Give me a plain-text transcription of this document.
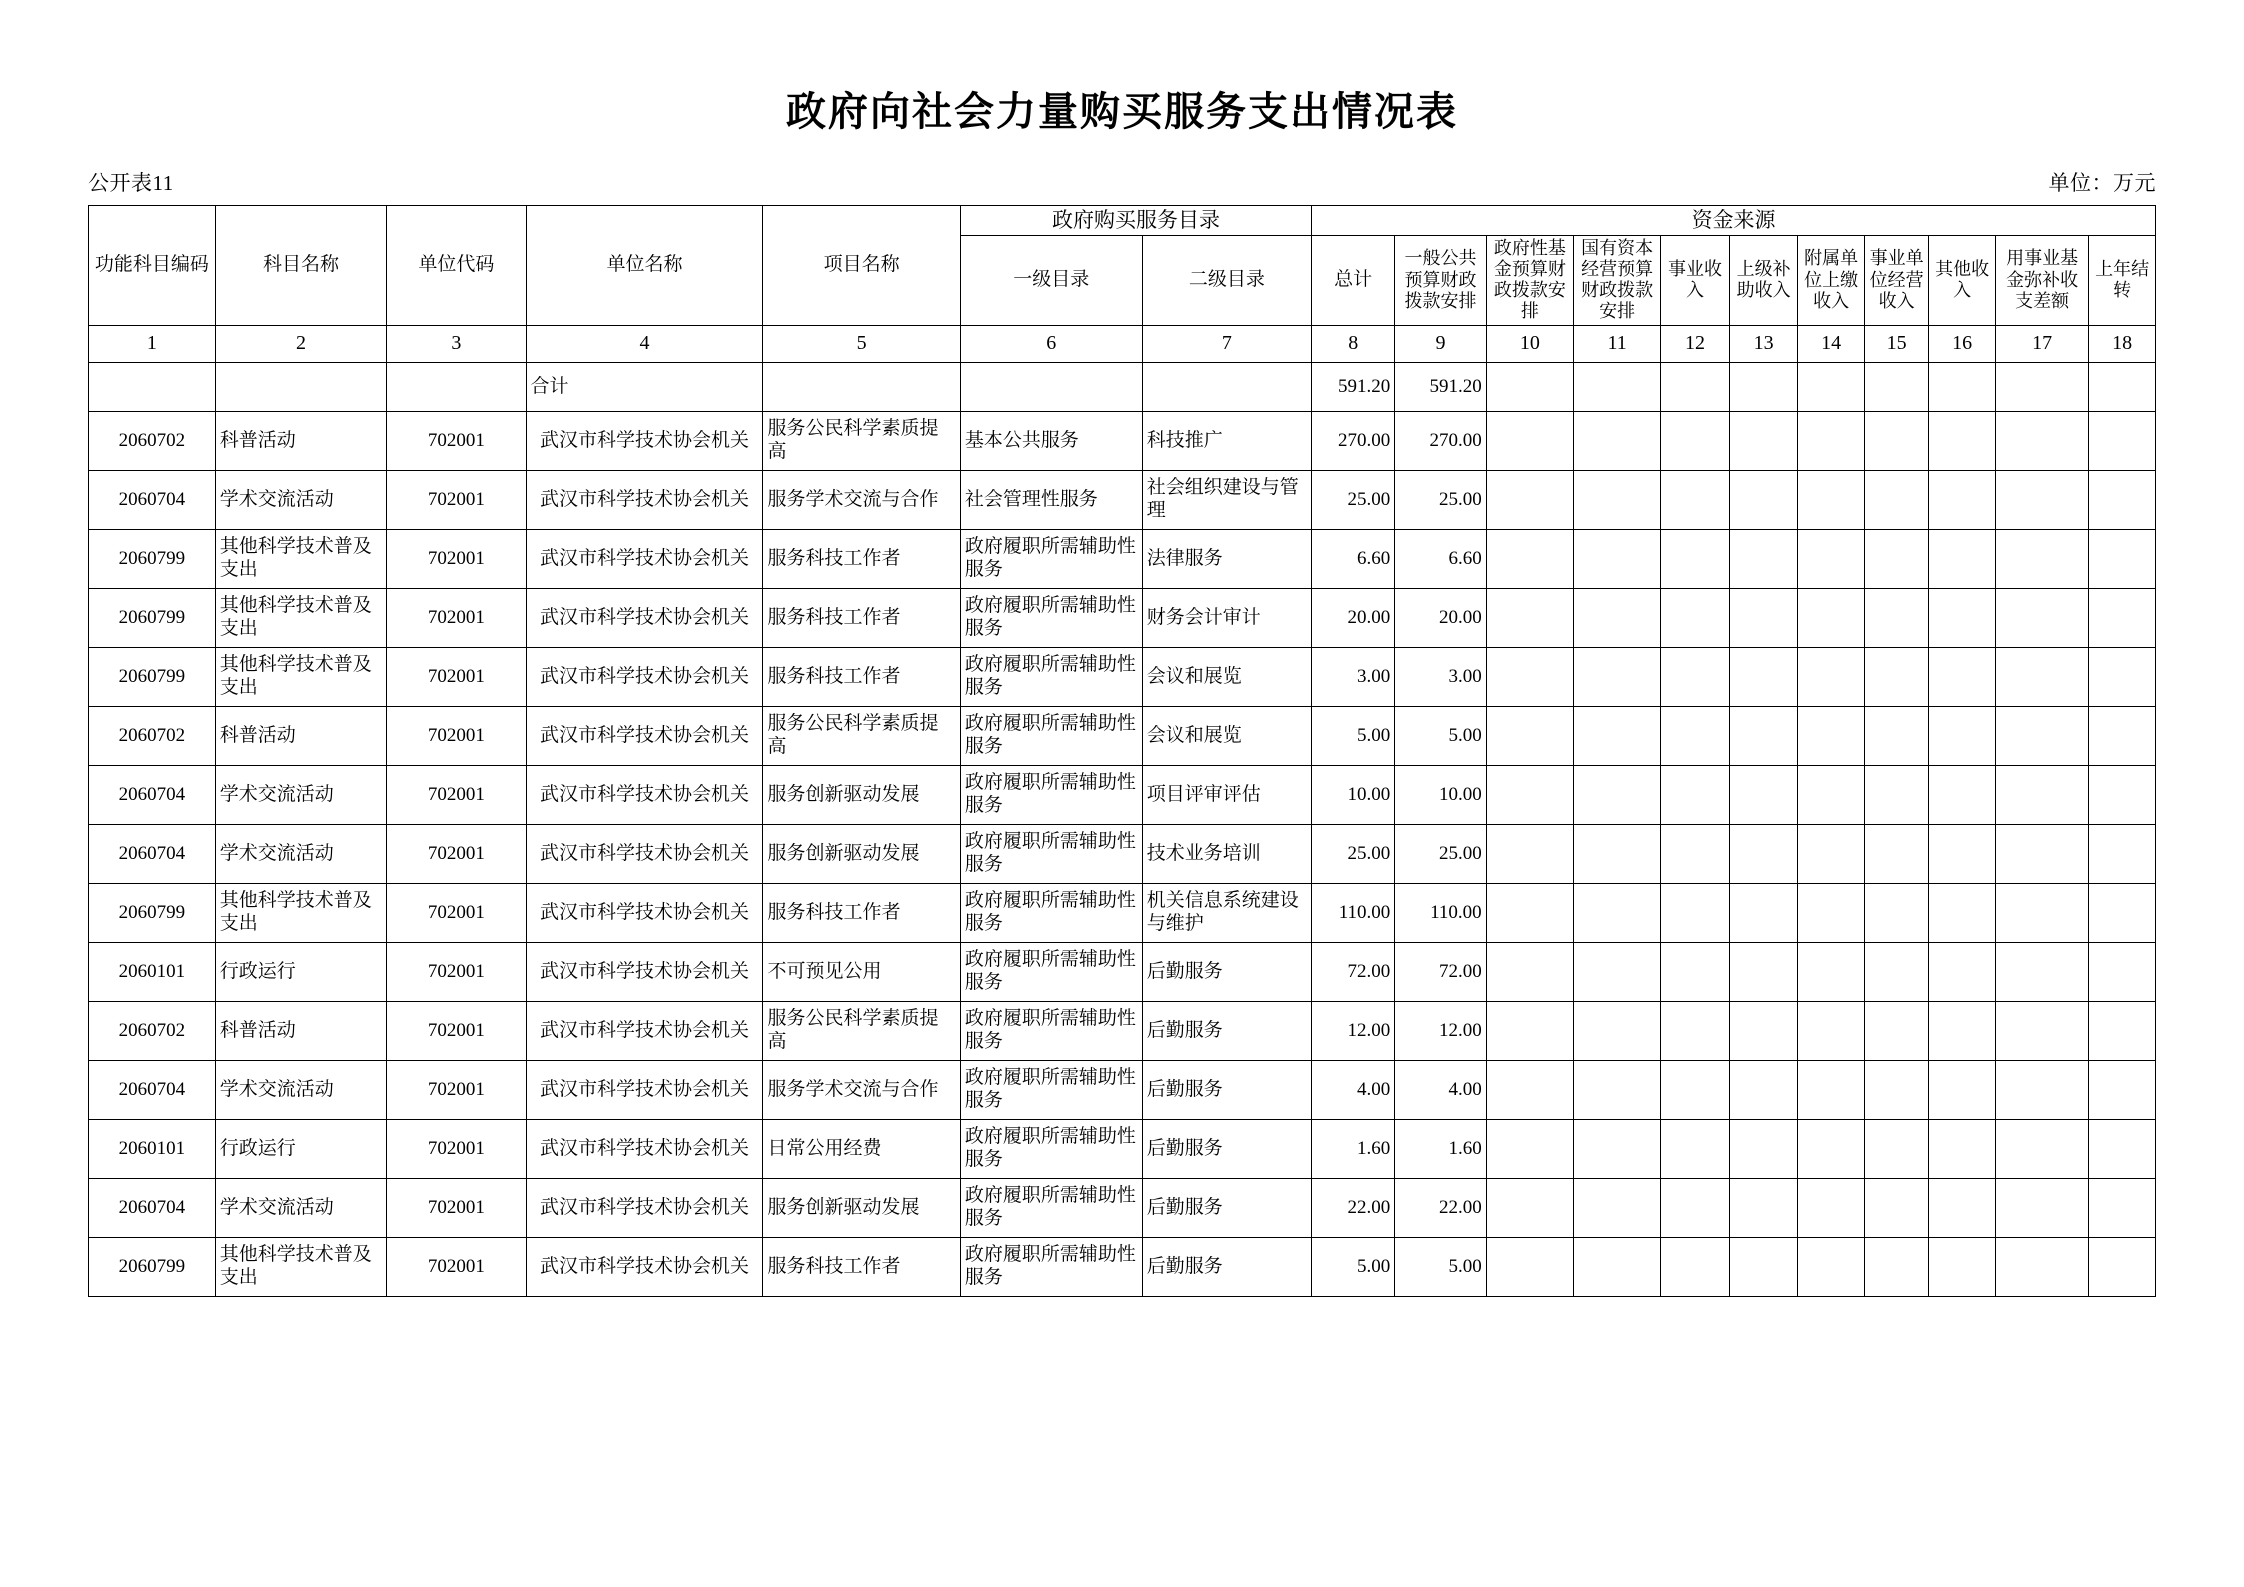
政府向社会力量购买服务支出情况表
公开表11	单位：万元
功能科目编码	科目名称	单位代码	单位名称	项目名称	政府购买服务目录		资金来源										
					一级目录	二级目录	总计	一般公共预算财政拨款安排	政府性基金预算财政拨款安排	国有资本经营预算财政拨款安排	事业收入	上级补助收入	附属单位上缴收入	事业单位经营收入	其他收入	用事业基金弥补收支差额	上年结转
1	2	3	4	5	6	7	8	9	10	11	12	13	14	15	16	17	18
			合计				591.20	591.20									
2060702	科普活动	702001	武汉市科学技术协会机关	服务公民科学素质提高	基本公共服务	科技推广	270.00	270.00									
2060704	学术交流活动	702001	武汉市科学技术协会机关	服务学术交流与合作	社会管理性服务	社会组织建设与管理	25.00	25.00									
2060799	其他科学技术普及支出	702001	武汉市科学技术协会机关	服务科技工作者	政府履职所需辅助性服务	法律服务	6.60	6.60									
2060799	其他科学技术普及支出	702001	武汉市科学技术协会机关	服务科技工作者	政府履职所需辅助性服务	财务会计审计	20.00	20.00									
2060799	其他科学技术普及支出	702001	武汉市科学技术协会机关	服务科技工作者	政府履职所需辅助性服务	会议和展览	3.00	3.00									
2060702	科普活动	702001	武汉市科学技术协会机关	服务公民科学素质提高	政府履职所需辅助性服务	会议和展览	5.00	5.00									
2060704	学术交流活动	702001	武汉市科学技术协会机关	服务创新驱动发展	政府履职所需辅助性服务	项目评审评估	10.00	10.00									
2060704	学术交流活动	702001	武汉市科学技术协会机关	服务创新驱动发展	政府履职所需辅助性服务	技术业务培训	25.00	25.00									
2060799	其他科学技术普及支出	702001	武汉市科学技术协会机关	服务科技工作者	政府履职所需辅助性服务	机关信息系统建设与维护	110.00	110.00									
2060101	行政运行	702001	武汉市科学技术协会机关	不可预见公用	政府履职所需辅助性服务	后勤服务	72.00	72.00									
2060702	科普活动	702001	武汉市科学技术协会机关	服务公民科学素质提高	政府履职所需辅助性服务	后勤服务	12.00	12.00									
2060704	学术交流活动	702001	武汉市科学技术协会机关	服务学术交流与合作	政府履职所需辅助性服务	后勤服务	4.00	4.00									
2060101	行政运行	702001	武汉市科学技术协会机关	日常公用经费	政府履职所需辅助性服务	后勤服务	1.60	1.60									
2060704	学术交流活动	702001	武汉市科学技术协会机关	服务创新驱动发展	政府履职所需辅助性服务	后勤服务	22.00	22.00									
2060799	其他科学技术普及支出	702001	武汉市科学技术协会机关	服务科技工作者	政府履职所需辅助性服务	后勤服务	5.00	5.00									
